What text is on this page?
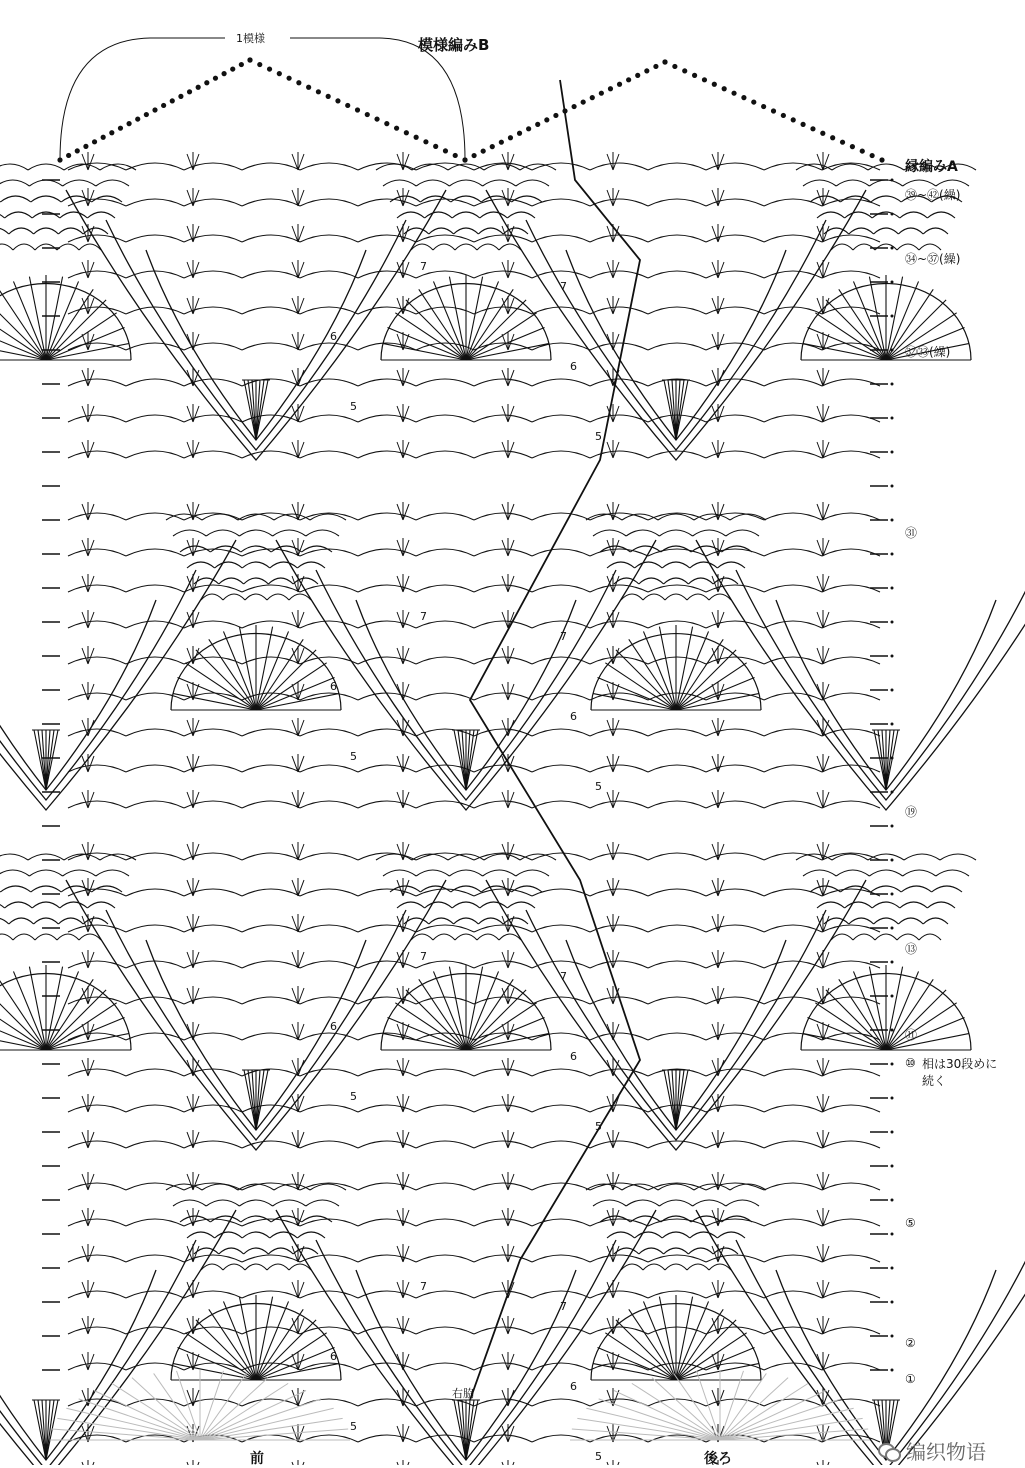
7
6
5
7
6
5
7
6
5
7
6
5
7
6
5
7
6
5
7
6
5
7
6
5
模様編みB
1模様
縁編みA
㊴~㊷(繰)
㉞~㊲(繰)
㉜㉝(繰)
㉛
⑲
⑬
⑪
⑩
⑤
②
①
相は30段めに続く
前	後ろ
右脇
编织物语
